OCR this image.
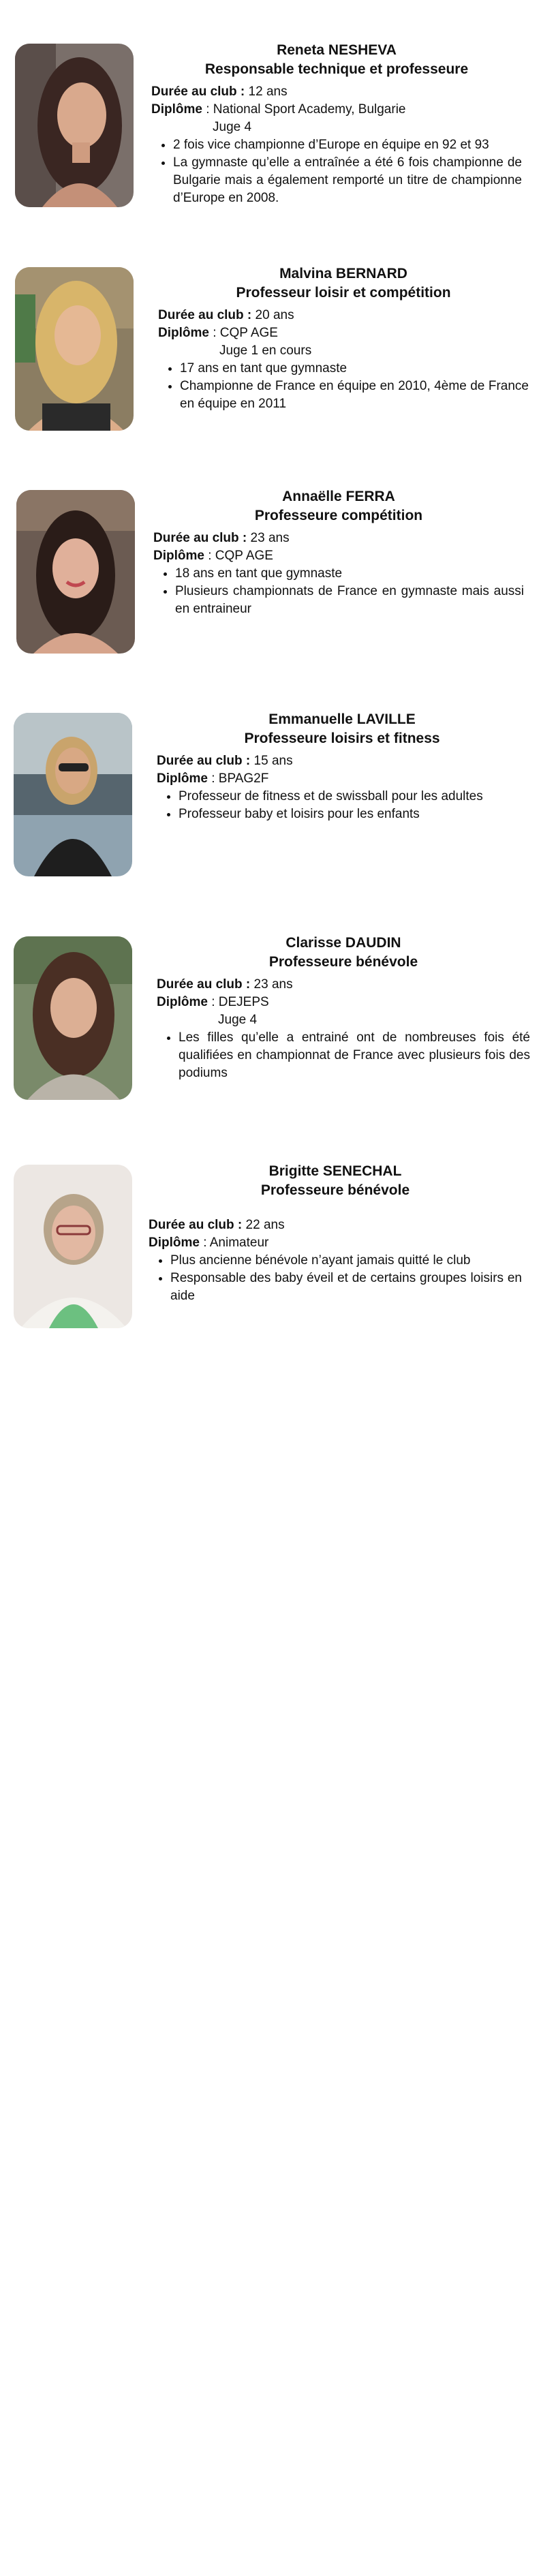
Reneta NESHEVA
Responsable technique et professeure
Durée au club : 12 ans
Diplôme : National Sport Academy, Bulgarie
Juge 4
• 2 fois vice championne d’Europe en équipe en 92 et 93
• La gymnaste qu’elle a entraînée a été 6 fois championne de Bulgarie mais a également remporté un titre de championne d’Europe en 2008.
Malvina BERNARD
Professeur loisir et compétition
Durée au club : 20 ans
Diplôme : CQP AGE
Juge 1 en cours
• 17 ans en tant que gymnaste
• Championne de France en équipe en 2010, 4ème de France en équipe en 2011
Annaëlle FERRA
Professeure compétition
Durée au club : 23 ans
Diplôme : CQP AGE
• 18 ans en tant que gymnaste
• Plusieurs championnats de France en gymnaste mais aussi en entraineur
Emmanuelle LAVILLE
Professeure loisirs et fitness
Durée au club : 15 ans
Diplôme : BPAG2F
• Professeur de fitness et de swissball pour les adultes
• Professeur baby et loisirs pour les enfants
Clarisse DAUDIN
Professeure bénévole
Durée au club : 23 ans
Diplôme : DEJEPS
Juge 4
• Les filles qu’elle a entrainé ont de nombreuses fois été qualifiées en championnat de France avec plusieurs fois des podiums
Brigitte SENECHAL
Professeure bénévole
Durée au club : 22 ans
Diplôme : Animateur
• Plus ancienne bénévole n’ayant jamais quitté le club
• Responsable des baby éveil et de certains groupes loisirs en aide
